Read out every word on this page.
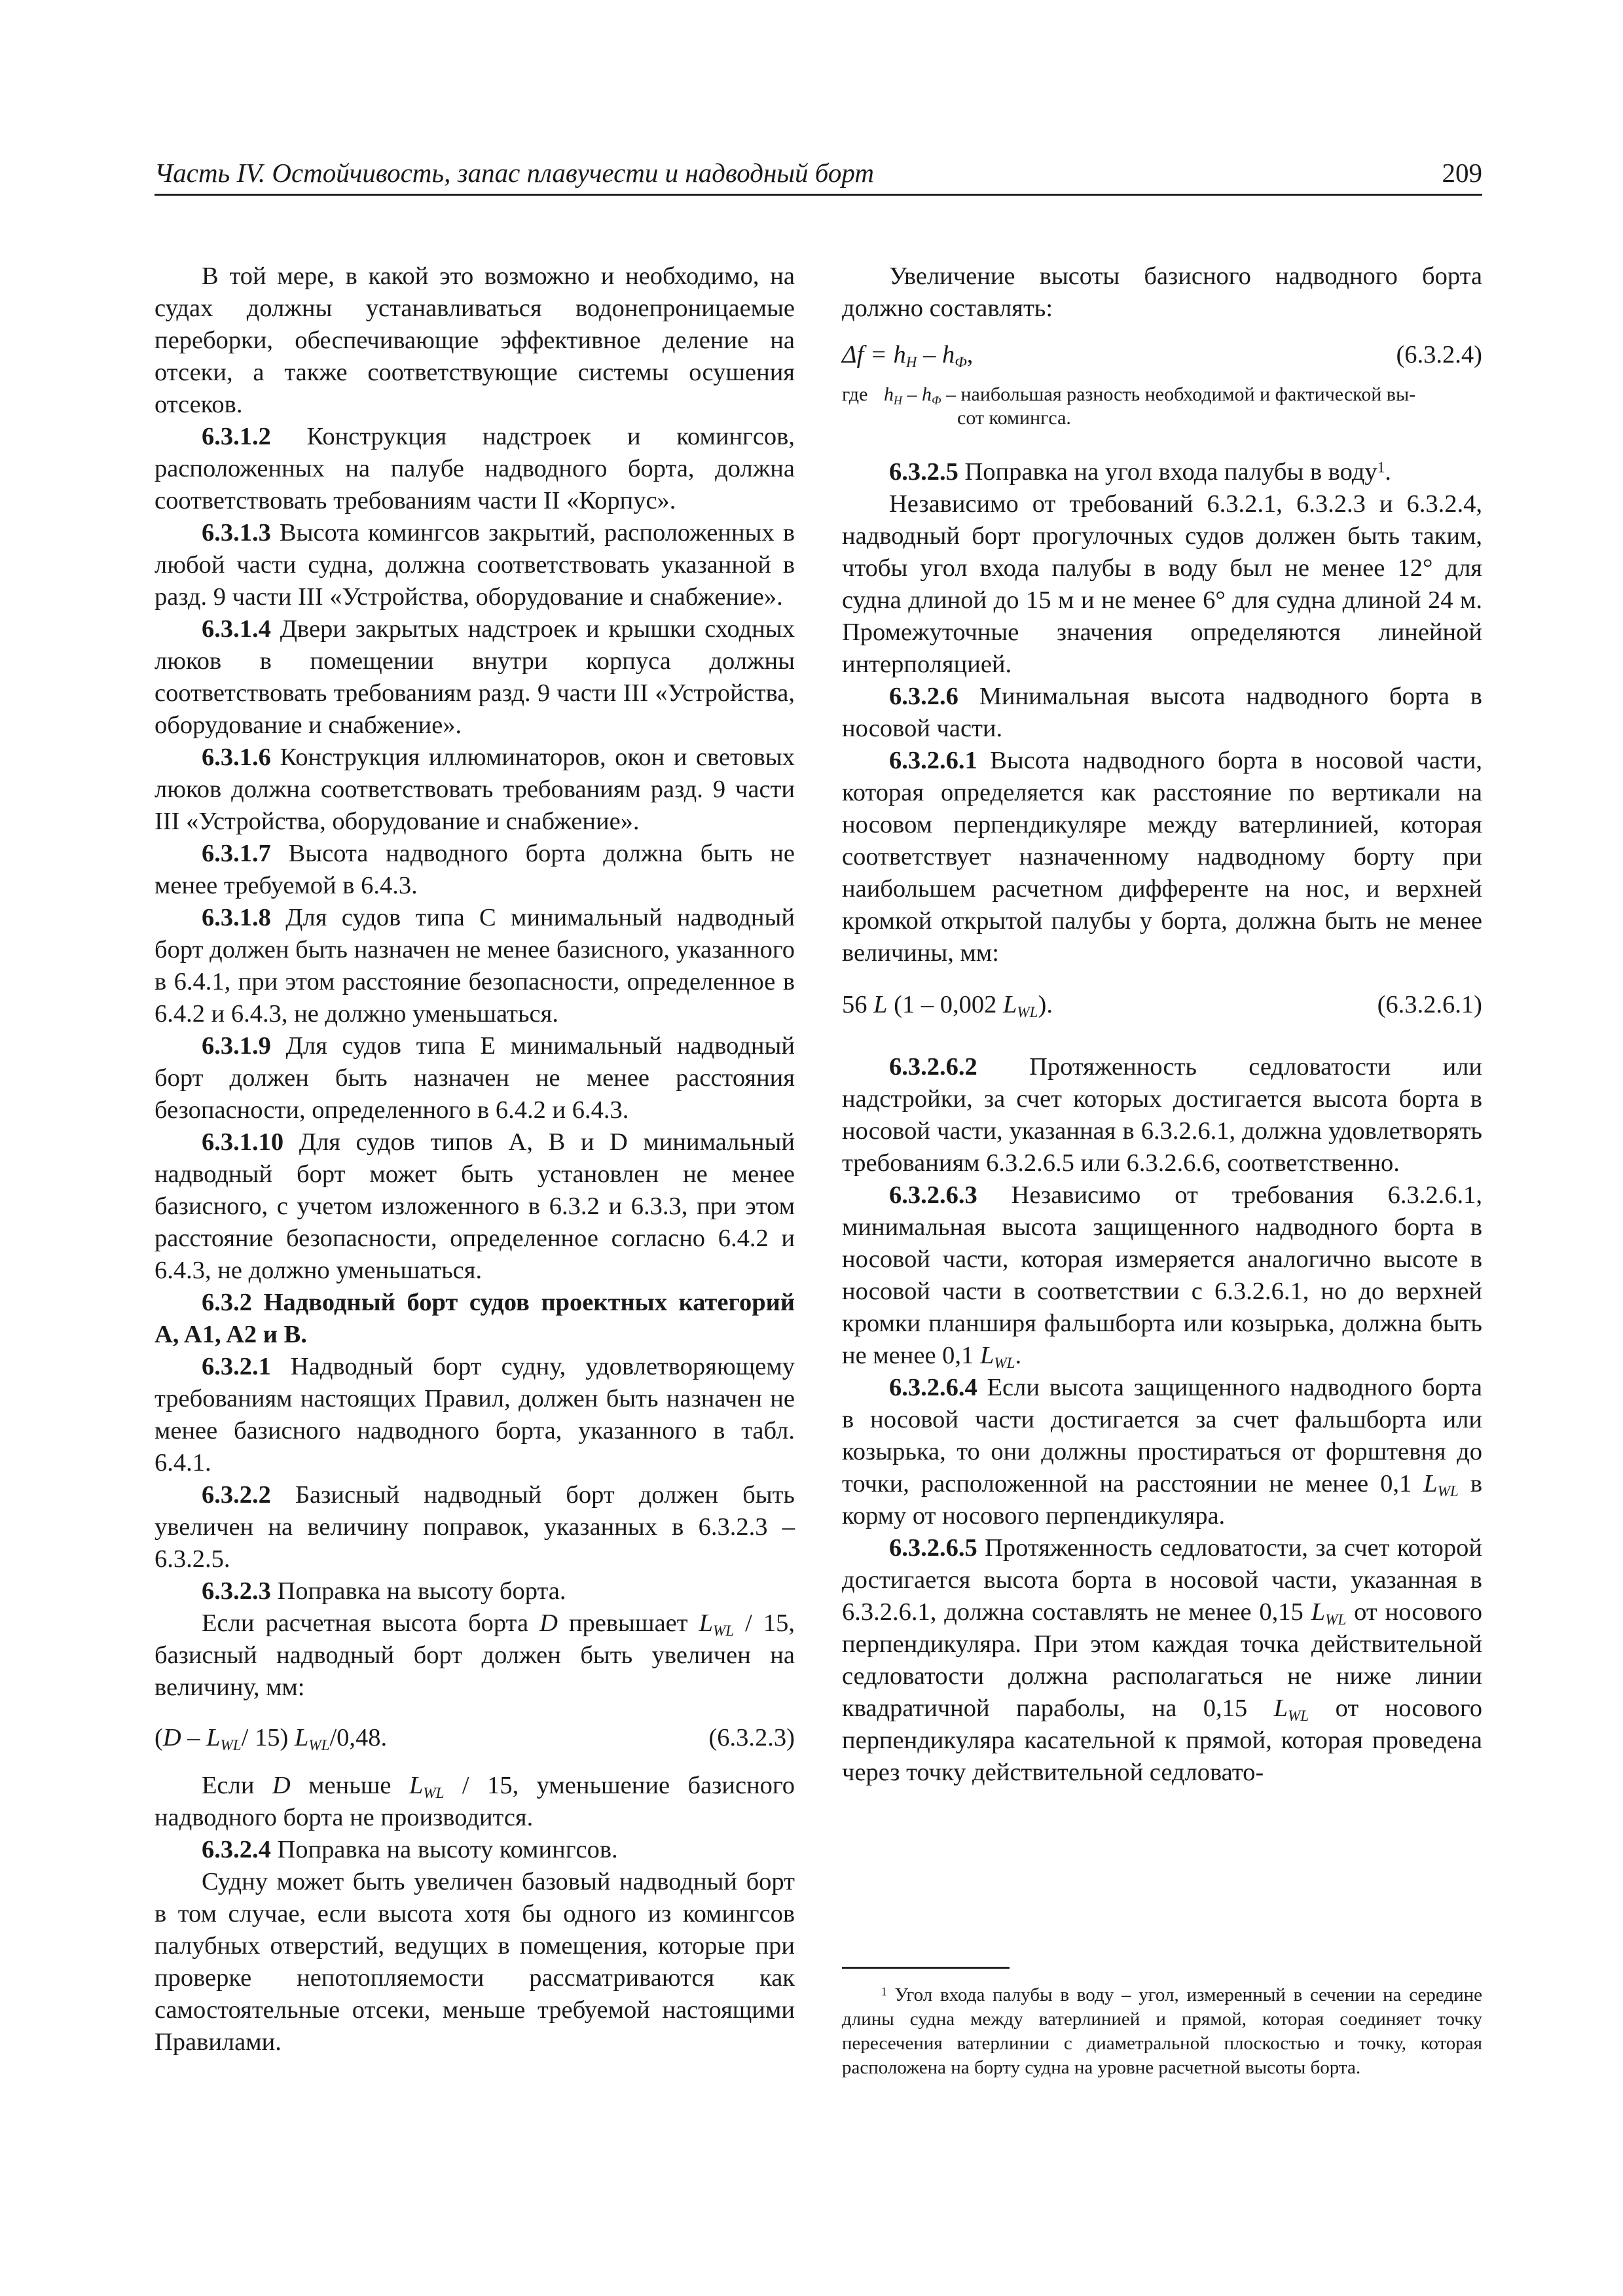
Часть IV. Остойчивость, запас плавучести и надводный борт	209

В той мере, в какой это возможно и необходимо, на судах должны устанавливаться водонепроницаемые переборки, обеспечивающие эффективное деление на отсеки, а также соответствующие системы осушения отсеков.

6.3.1.2 Конструкция надстроек и комингсов, расположенных на палубе надводного борта, должна соответствовать требованиям части II «Корпус».

6.3.1.3 Высота комингсов закрытий, расположенных в любой части судна, должна соответствовать указанной в разд. 9 части III «Устройства, оборудование и снабжение».

6.3.1.4 Двери закрытых надстроек и крышки сходных люков в помещении внутри корпуса должны соответствовать требованиям разд. 9 части III «Устройства, оборудование и снабжение».

6.3.1.6 Конструкция иллюминаторов, окон и световых люков должна соответствовать требованиям разд. 9 части III «Устройства, оборудование и снабжение».

6.3.1.7 Высота надводного борта должна быть не менее требуемой в 6.4.3.

6.3.1.8 Для судов типа С минимальный надводный борт должен быть назначен не менее базисного, указанного в 6.4.1, при этом расстояние безопасности, определенное в 6.4.2 и 6.4.3, не должно уменьшаться.

6.3.1.9 Для судов типа E минимальный надводный борт должен быть назначен не менее расстояния безопасности, определенного в 6.4.2 и 6.4.3.

6.3.1.10 Для судов типов A, B и D минимальный надводный борт может быть установлен не менее базисного, с учетом изложенного в 6.3.2 и 6.3.3, при этом расстояние безопасности, определенное согласно 6.4.2 и 6.4.3, не должно уменьшаться.

6.3.2 Надводный борт судов проектных категорий A, A1, A2 и B.

6.3.2.1 Надводный борт судну, удовлетворяющему требованиям настоящих Правил, должен быть назначен не менее базисного надводного борта, указанного в табл. 6.4.1.

6.3.2.2 Базисный надводный борт должен быть увеличен на величину поправок, указанных в 6.3.2.3 – 6.3.2.5.

6.3.2.3 Поправка на высоту борта.

Если расчетная высота борта D превышает $L_{WL} / 15$, базисный надводный борт должен быть увеличен на величину, мм:

($D - L_{WL}/$ 15) $L_{WL}/0,48$.	(6.3.2.3)

Если D меньше $L_{WL} / 15$, уменьшение базисного надводного борта не производится.

6.3.2.4 Поправка на высоту комингсов.

Судну может быть увеличен базовый надводный борт в том случае, если высота хотя бы одного из комингсов палубных отверстий, ведущих в помещения, которые при проверке непотопляемости рассматриваются как самостоятельные отсеки, меньше требуемой настоящими Правилами.

Увеличение высоты базисного надводного борта должно составлять:

$\Delta f = h_Н - h_Ф$,	(6.3.2.4)
где $h_Н - h_Ф$ – наибольшая разность необходимой и фактической вы-
сот комингса.

6.3.2.5 Поправка на угол входа палубы в воду$^1$.

Независимо от требований 6.3.2.1, 6.3.2.3 и 6.3.2.4, надводный борт прогулочных судов должен быть таким, чтобы угол входа палубы в воду был не менее 12° для судна длиной до 15 м и не менее 6° для судна длиной 24 м. Промежуточные значения определяются линейной интерполяцией.

6.3.2.6 Минимальная высота надводного борта в носовой части.

6.3.2.6.1 Высота надводного борта в носовой части, которая определяется как расстояние по вертикали на носовом перпендикуляре между ватерлинией, которая соответствует назначенному надводному борту при наибольшем расчетном дифференте на нос, и верхней кромкой открытой палубы у борта, должна быть не менее величины, мм:

56 L (1 – 0,002 $L_{WL}$).	(6.3.2.6.1)

6.3.2.6.2 Протяженность седловатости или надстройки, за счет которых достигается высота борта в носовой части, указанная в 6.3.2.6.1, должна удовлетворять требованиям 6.3.2.6.5 или 6.3.2.6.6, соответственно.

6.3.2.6.3 Независимо от требования 6.3.2.6.1, минимальная высота защищенного надводного борта в носовой части, которая измеряется аналогично высоте в носовой части в соответствии с 6.3.2.6.1, но до верхней кромки планширя фальшборта или козырька, должна быть не менее 0,1 $L_{WL}$.

6.3.2.6.4 Если высота защищенного надводного борта в носовой части достигается за счет фальшборта или козырька, то они должны простираться от форштевня до точки, расположенной на расстоянии не менее 0,1 $L_{WL}$ в корму от носового перпендикуляра.

6.3.2.6.5 Протяженность седловатости, за счет которой достигается высота борта в носовой части, указанная в 6.3.2.6.1, должна составлять не менее 0,15 $L_{WL}$ от носового перпендикуляра. При этом каждая точка действительной седловатости должна располагаться не ниже линии квадратичной параболы, на 0,15 $L_{WL}$ от носового перпендикуляра касательной к прямой, которая проведена через точку действительной седловато-

$^1$ Угол входа палубы в воду – угол, измеренный в сечении на середине длины судна между ватерлинией и прямой, которая соединяет точку пересечения ватерлинии с диаметральной плоскостью и точку, которая расположена на борту судна на уровне расчетной высоты борта.
